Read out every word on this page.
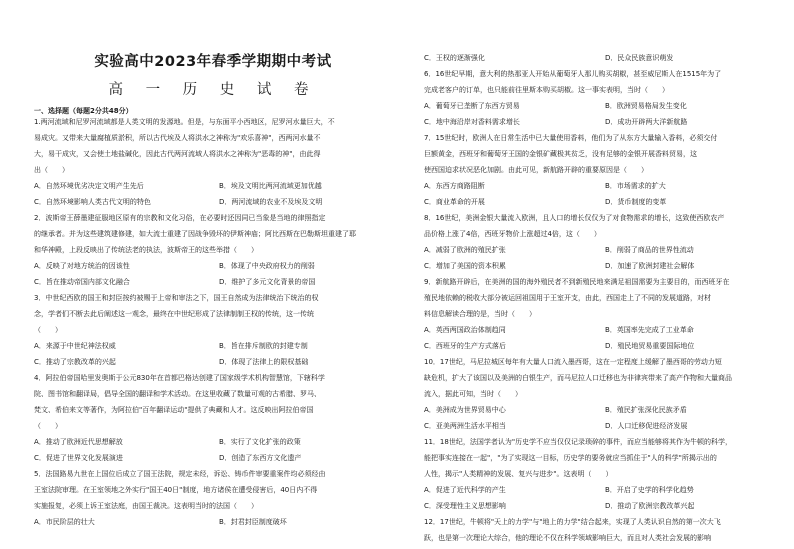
实验高中2023年春季学期期中考试
高 一 历 史 试 卷
一、选择题（每题2分共48分）

1.两河流域和尼罗河流域都是人类文明的发源地。但是，与东面平小西地区，尼罗河水量巨大，不

易成灾。又带来大量腐植质淤积，所以古代埃及人将洪水之神称为"欢乐喜神"，西两河水量不

大，易干成灾，又会使土地盐碱化，因此古代两河流域人将洪水之神称为"恶毒的神"，由此得

出（　　）

A．自然环境优劣决定文明产生先后	B．埃及文明比两河流域更加优越
C．自然环境影响人类古代文明的特色	D．两河流域的农业不及埃及文明

2．波斯帝王薛墨建征服地区原有的宗教和文化习俗，在必要时还因同已当象是当地的律照指定

的继承者。并为这些建筑建修建，如大流士重建了因战争毁坏的伊斯神庙；阿比西斯在巴勒斯坦重建了耶

和华神殿，上段反映出了传统法老的执法，波斯帝王的这些举措（　　）

A．反映了对地方统治的因该性	B．体现了中央政府权力的削弱
C．旨在推动帝国内部文化融合	D．维护了多元文化背景的帝国

3．中世纪西欧的国王和封臣按约被赐于上帝和审法之下，国王自然成为法律统治下统治的权

念，学者们不断去此后阐述这一观念，最终在中世纪形成了法律制制王权的传统，这一传统

（　　）

A．来源于中世纪神法权威	B．旨在排斥制欧的封建专制
C．推动了宗教改革的兴起	D．体现了法律上的限权基础

4．阿拉伯帝国哈里发奥斯于公元830年在首都巴格达创建了国家级学术机构智慧馆，下辖科学

院、图书馆和翻译局，倡导全国的翻译和学术活动。在这里收藏了数量可观的古希腊、罗马、

梵文、希伯来文等著作，为阿拉伯"百年翻译运动"提供了典藏和人才。这反映出阿拉伯帝国

（　　）

A．推动了欧洲近代思想解放	B．实行了文化扩张的政策
C．促进了世界文化发展演进	D．创造了东西方文化遗产

5．法国路易九世在上国位后成立了国王法院，规定未经，诉讼、铸币件审要重案件均必须经由

王室法院审理。在王室领地之外实行"国王40日"制度，地方诸侯在遭受侵害后，40日内不得

实施报复，必须上诉王室法庭，由国王裁决。这表明当时的法国（　　）

A．市民阶层的壮大	B．封君封臣制度破坏
C．王权的逐渐强化	D．民众民族意识萌发

6．16世纪早期，意大利的热那亚人开始从葡萄牙人那儿购买胡椒，甚至威尼斯人在1515年为了

完成老客户的订单，也只能前往里斯本购买胡椒。这一事实表明，当时（　　）

A．葡萄牙已垄断了东西方贸易	B．欧洲贸易格局发生变化
C．地中海沿岸对香料需求增长	D．成功开辟两大洋新航路

7．15世纪时，欧洲人在日常生活中已大量使用香料，他们为了从东方大量输入香料，必须交付

巨额黄金，西班牙和葡萄牙王国的金银矿藏极其贫乏，没有足够的金银开展香料贸易，这

使西国迫求状况恶化加剧。由此可见，新航路开辟的重要原因是（　　）

A．东西方商路阻断	B．市场需求的扩大
C．商业革命的开展	D．货币制度的变革

8．16世纪，美洲金银大量流入欧洲，且人口的增长仅仅为了对食物需求的增长，这致使西欧农产

品价格上涨了4倍，西班牙物价上涨超过4倍，这（　　）

A．减弱了欧洲的殖民扩张	B．削弱了商品的世界性流动
C．增加了美国的资本积累	D．加速了欧洲封建社会解体

9．新航路开辟后，在美洲的国的海外殖民者不到新殖民地来满足祖国需要为主要目的，而西班牙在

殖民地依赖的税收大部分被运回祖国用于王室开支，由此，西国走上了不同的发展道路，对材

料信息解读合理的是，当时（　　）

A．英西两国政治体制趋同	B．英国率先完成了工业革命
C．西班牙的生产方式落后	D．殖民地贸易重要国际地位

10．17世纪，马尼拉城区每年有大量人口流入墨西哥，这在一定程度上缓解了墨西哥的劳动力短

缺危机，扩大了该国以及美洲的白银生产，而马尼拉人口迁移也为非律宾带来了高产作物和大量商品

流入，据此可知，当时（　　）

A．美洲成为世界贸易中心	B．殖民扩张深化民族矛盾
C．亚美两洲生活水平相当	D．人口迁移促进经济发展

11．18世纪，法国学者认为"历史学不应当仅仅记录琐碎的事件，而应当能够将其作为牛顿的科学，

能把事实连接在一起"，"为了实现这一目标，历史学的要务就应当抓住于"人的科学"所揭示出的

人性，揭示"人类精神的发展、复兴与进步"。这表明（　　）

A．促进了近代科学的产生	B．开启了史学的科学化趋势
C．深受理性主义思想影响	D．推动了欧洲宗教改革兴起

12．17世纪，牛顿将"天上的力学"与"地上的力学"结合起来，实现了人类认识自然的第一次大飞

跃，也是第一次理论大综合，他的理论不仅在科学领域影响巨大，而且对人类社会发展的影响
